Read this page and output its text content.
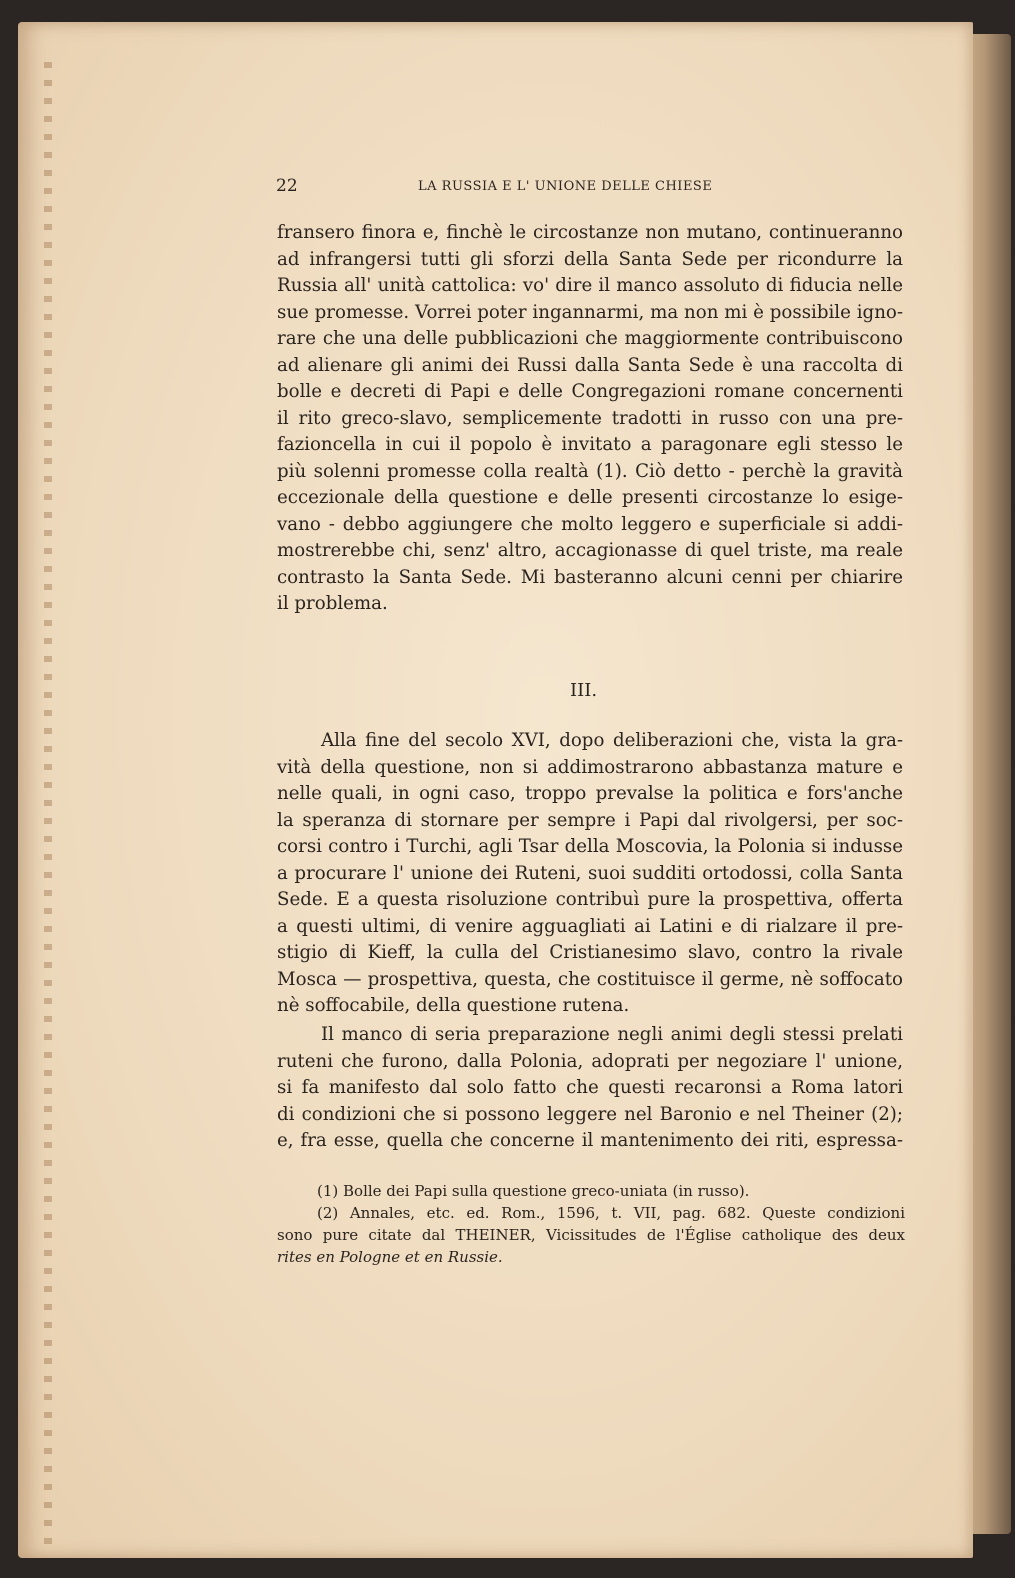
22	LA RUSSIA E L' UNIONE DELLE CHIESE
fransero finora e, finchè le circostanze non mutano, continueranno
ad infrangersi tutti gli sforzi della Santa Sede per ricondurre la
Russia all' unità cattolica: vo' dire il manco assoluto di fiducia nelle
sue promesse. Vorrei poter ingannarmi, ma non mi è possibile igno-
rare che una delle pubblicazioni che maggiormente contribuiscono
ad alienare gli animi dei Russi dalla Santa Sede è una raccolta di
bolle e decreti di Papi e delle Congregazioni romane concernenti
il rito greco-slavo, semplicemente tradotti in russo con una pre-
fazioncella in cui il popolo è invitato a paragonare egli stesso le
più solenni promesse colla realtà (1). Ciò detto - perchè la gravità
eccezionale della questione e delle presenti circostanze lo esige-
vano - debbo aggiungere che molto leggero e superficiale si addi-
mostrerebbe chi, senz' altro, accagionasse di quel triste, ma reale
contrasto la Santa Sede. Mi basteranno alcuni cenni per chiarire
il problema.
III.
Alla fine del secolo XVI, dopo deliberazioni che, vista la gra-
vità della questione, non si addimostrarono abbastanza mature e
nelle quali, in ogni caso, troppo prevalse la politica e fors'anche
la speranza di stornare per sempre i Papi dal rivolgersi, per soc-
corsi contro i Turchi, agli Tsar della Moscovia, la Polonia si indusse
a procurare l' unione dei Ruteni, suoi sudditi ortodossi, colla Santa
Sede. E a questa risoluzione contribuì pure la prospettiva, offerta
a questi ultimi, di venire agguagliati ai Latini e di rialzare il pre-
stigio di Kieff, la culla del Cristianesimo slavo, contro la rivale
Mosca — prospettiva, questa, che costituisce il germe, nè soffocato
nè soffocabile, della questione rutena.
Il manco di seria preparazione negli animi degli stessi prelati
ruteni che furono, dalla Polonia, adoprati per negoziare l' unione,
si fa manifesto dal solo fatto che questi recaronsi a Roma latori
di condizioni che si possono leggere nel Baronio e nel Theiner (2);
e, fra esse, quella che concerne il mantenimento dei riti, espressa-
(1) Bolle dei Papi sulla questione greco-uniata (in russo).
(2) Annales, etc. ed. Rom., 1596, t. VII, pag. 682. Queste condizioni
sono pure citate dal THEINER, Vicissitudes de l'Église catholique des deux
rites en Pologne et en Russie.
